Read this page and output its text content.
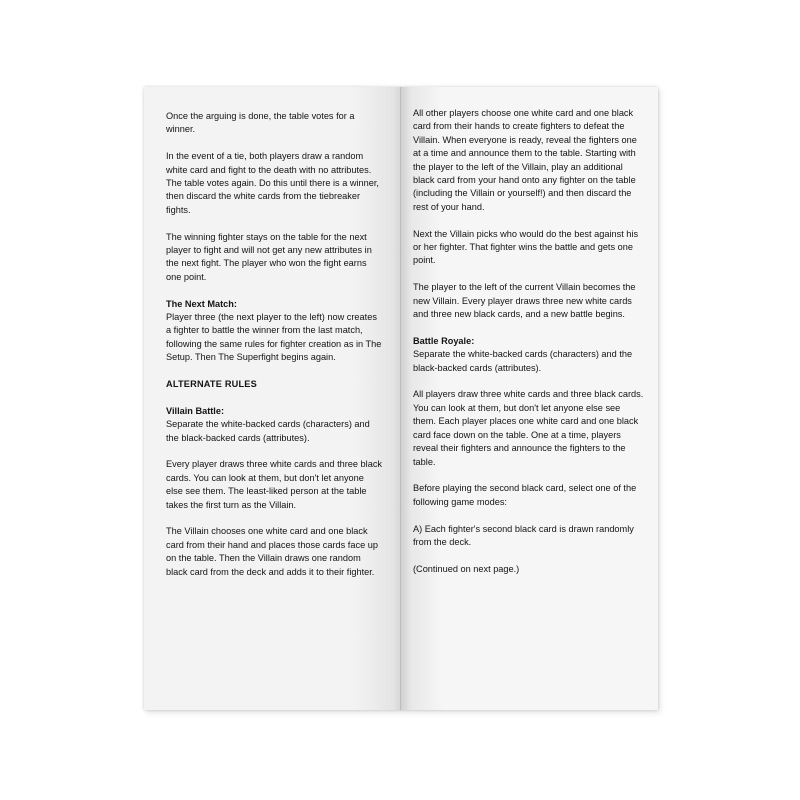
Once the arguing is done, the table votes for a winner.

In the event of a tie, both players draw a random white card and fight to the death with no attributes. The table votes again. Do this until there is a winner, then discard the white cards from the tiebreaker fights.

The winning fighter stays on the table for the next player to fight and will not get any new attributes in the next fight. The player who won the fight earns one point.

The Next Match:

Player three (the next player to the left) now creates a fighter to battle the winner from the last match, following the same rules for fighter creation as in The Setup. Then The Superfight begins again.

ALTERNATE RULES

Villain Battle:

Separate the white-backed cards (characters) and the black-backed cards (attributes).

Every player draws three white cards and three black cards. You can look at them, but don't let anyone else see them. The least-liked person at the table takes the first turn as the Villain.

The Villain chooses one white card and one black card from their hand and places those cards face up on the table. Then the Villain draws one random black card from the deck and adds it to their fighter.

All other players choose one white card and one black card from their hands to create fighters to defeat the Villain. When everyone is ready, reveal the fighters one at a time and announce them to the table. Starting with the player to the left of the Villain, play an additional black card from your hand onto any fighter on the table (including the Villain or yourself!) and then discard the rest of your hand.

Next the Villain picks who would do the best against his or her fighter. That fighter wins the battle and gets one point.

The player to the left of the current Villain becomes the new Villain. Every player draws three new white cards and three new black cards, and a new battle begins.

Battle Royale:

Separate the white-backed cards (characters) and the black-backed cards (attributes).

All players draw three white cards and three black cards. You can look at them, but don't let anyone else see them. Each player places one white card and one black card face down on the table. One at a time, players reveal their fighters and announce the fighters to the table.

Before playing the second black card, select one of the following game modes:

A) Each fighter's second black card is drawn randomly from the deck.

(Continued on next page.)
